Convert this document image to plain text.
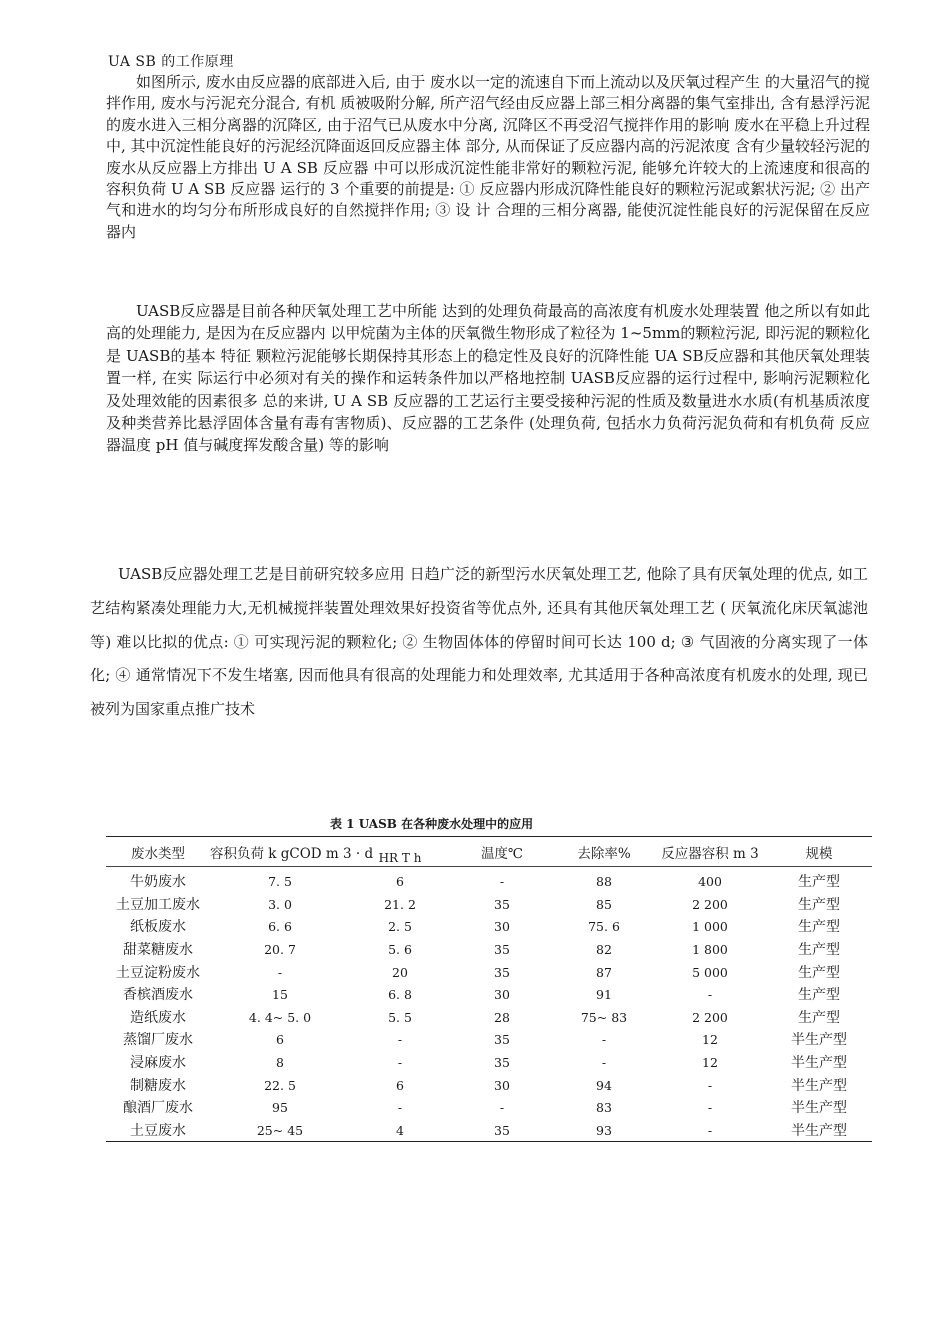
UA SB 的工作原理

如图所示, 废水由反应器的底部进入后, 由于 废水以一定的流速自下而上流动以及厌氧过程产生 的大量沼气的搅拌作用, 废水与污泥充分混合, 有机 质被吸附分解, 所产沼气经由反应器上部三相分离器的集气室排出, 含有悬浮污泥的废水进入三相分离器的沉降区, 由于沼气已从废水中分离, 沉降区不再受沼气搅拌作用的影响 废水在平稳上升过程中, 其中沉淀性能良好的污泥经沉降面返回反应器主体 部分, 从而保证了反应器内高的污泥浓度 含有少量较轻污泥的废水从反应器上方排出 U A SB 反应器 中可以形成沉淀性能非常好的颗粒污泥, 能够允许较大的上流速度和很高的容积负荷 U A SB 反应器 运行的 3 个重要的前提是: ① 反应器内形成沉降性能良好的颗粒污泥或絮状污泥; ② 出产气和进水的均匀分布所形成良好的自然搅拌作用; ③ 设 计 合理的三相分离器, 能使沉淀性能良好的污泥保留在反应器内

UASB反应器是目前各种厌氧处理工艺中所能 达到的处理负荷最高的高浓度有机废水处理装置 他之所以有如此高的处理能力, 是因为在反应器内 以甲烷菌为主体的厌氧微生物形成了粒径为 1~5mm的颗粒污泥, 即污泥的颗粒化是 UASB的基本 特征 颗粒污泥能够长期保持其形态上的稳定性及良好的沉降性能 UA SB反应器和其他厌氧处理装置一样, 在实 际运行中必须对有关的操作和运转条件加以严格地控制 UASB反应器的运行过程中, 影响污泥颗粒化 及处理效能的因素很多 总的来讲, U A SB 反应器的工艺运行主要受接种污泥的性质及数量进水水质(有机基质浓度及种类营养比悬浮固体含量有毒有害物质)、反应器的工艺条件 (处理负荷, 包括水力负荷污泥负荷和有机负荷 反应器温度 pH 值与碱度挥发酸含量) 等的影响

UASB反应器处理工艺是目前研究较多应用 日趋广泛的新型污水厌氧处理工艺, 他除了具有厌氧处理的优点, 如工艺结构紧凑处理能力大,无机械搅拌装置处理效果好投资省等优点外, 还具有其他厌氧处理工艺 ( 厌氧流化床厌氧滤池等) 难以比拟的优点: ① 可实现污泥的颗粒化; ② 生物固体体的停留时间可长达 100 d; ③ 气固液的分离实现了一体化; ④ 通常情况下不发生堵塞, 因而他具有很高的处理能力和处理效率, 尤其适用于各种高浓度有机废水的处理, 现已被列为国家重点推广技术

表 1 UASB 在各种废水处理中的应用
废水类型	容积负荷 k gCOD m 3 · d	HR T h	温度℃	去除率%	反应器容积 m 3	规模
牛奶废水	7. 5	6	-	88	400	生产型
土豆加工废水	3. 0	21. 2	35	85	2 200	生产型
纸板废水	6. 6	2. 5	30	75. 6	1 000	生产型
甜菜糖废水	20. 7	5. 6	35	82	1 800	生产型
土豆淀粉废水	-	20	35	87	5 000	生产型
香槟酒废水	15	6. 8	30	91	-	生产型
造纸废水	4. 4~ 5. 0	5. 5	28	75~ 83	2 200	生产型
蒸馏厂废水	6	-	35	-	12	半生产型
浸麻废水	8	-	35	-	12	半生产型
制糖废水	22. 5	6	30	94	-	半生产型
酿酒厂废水	95	-	-	83	-	半生产型
土豆废水	25~ 45	4	35	93	-	半生产型
